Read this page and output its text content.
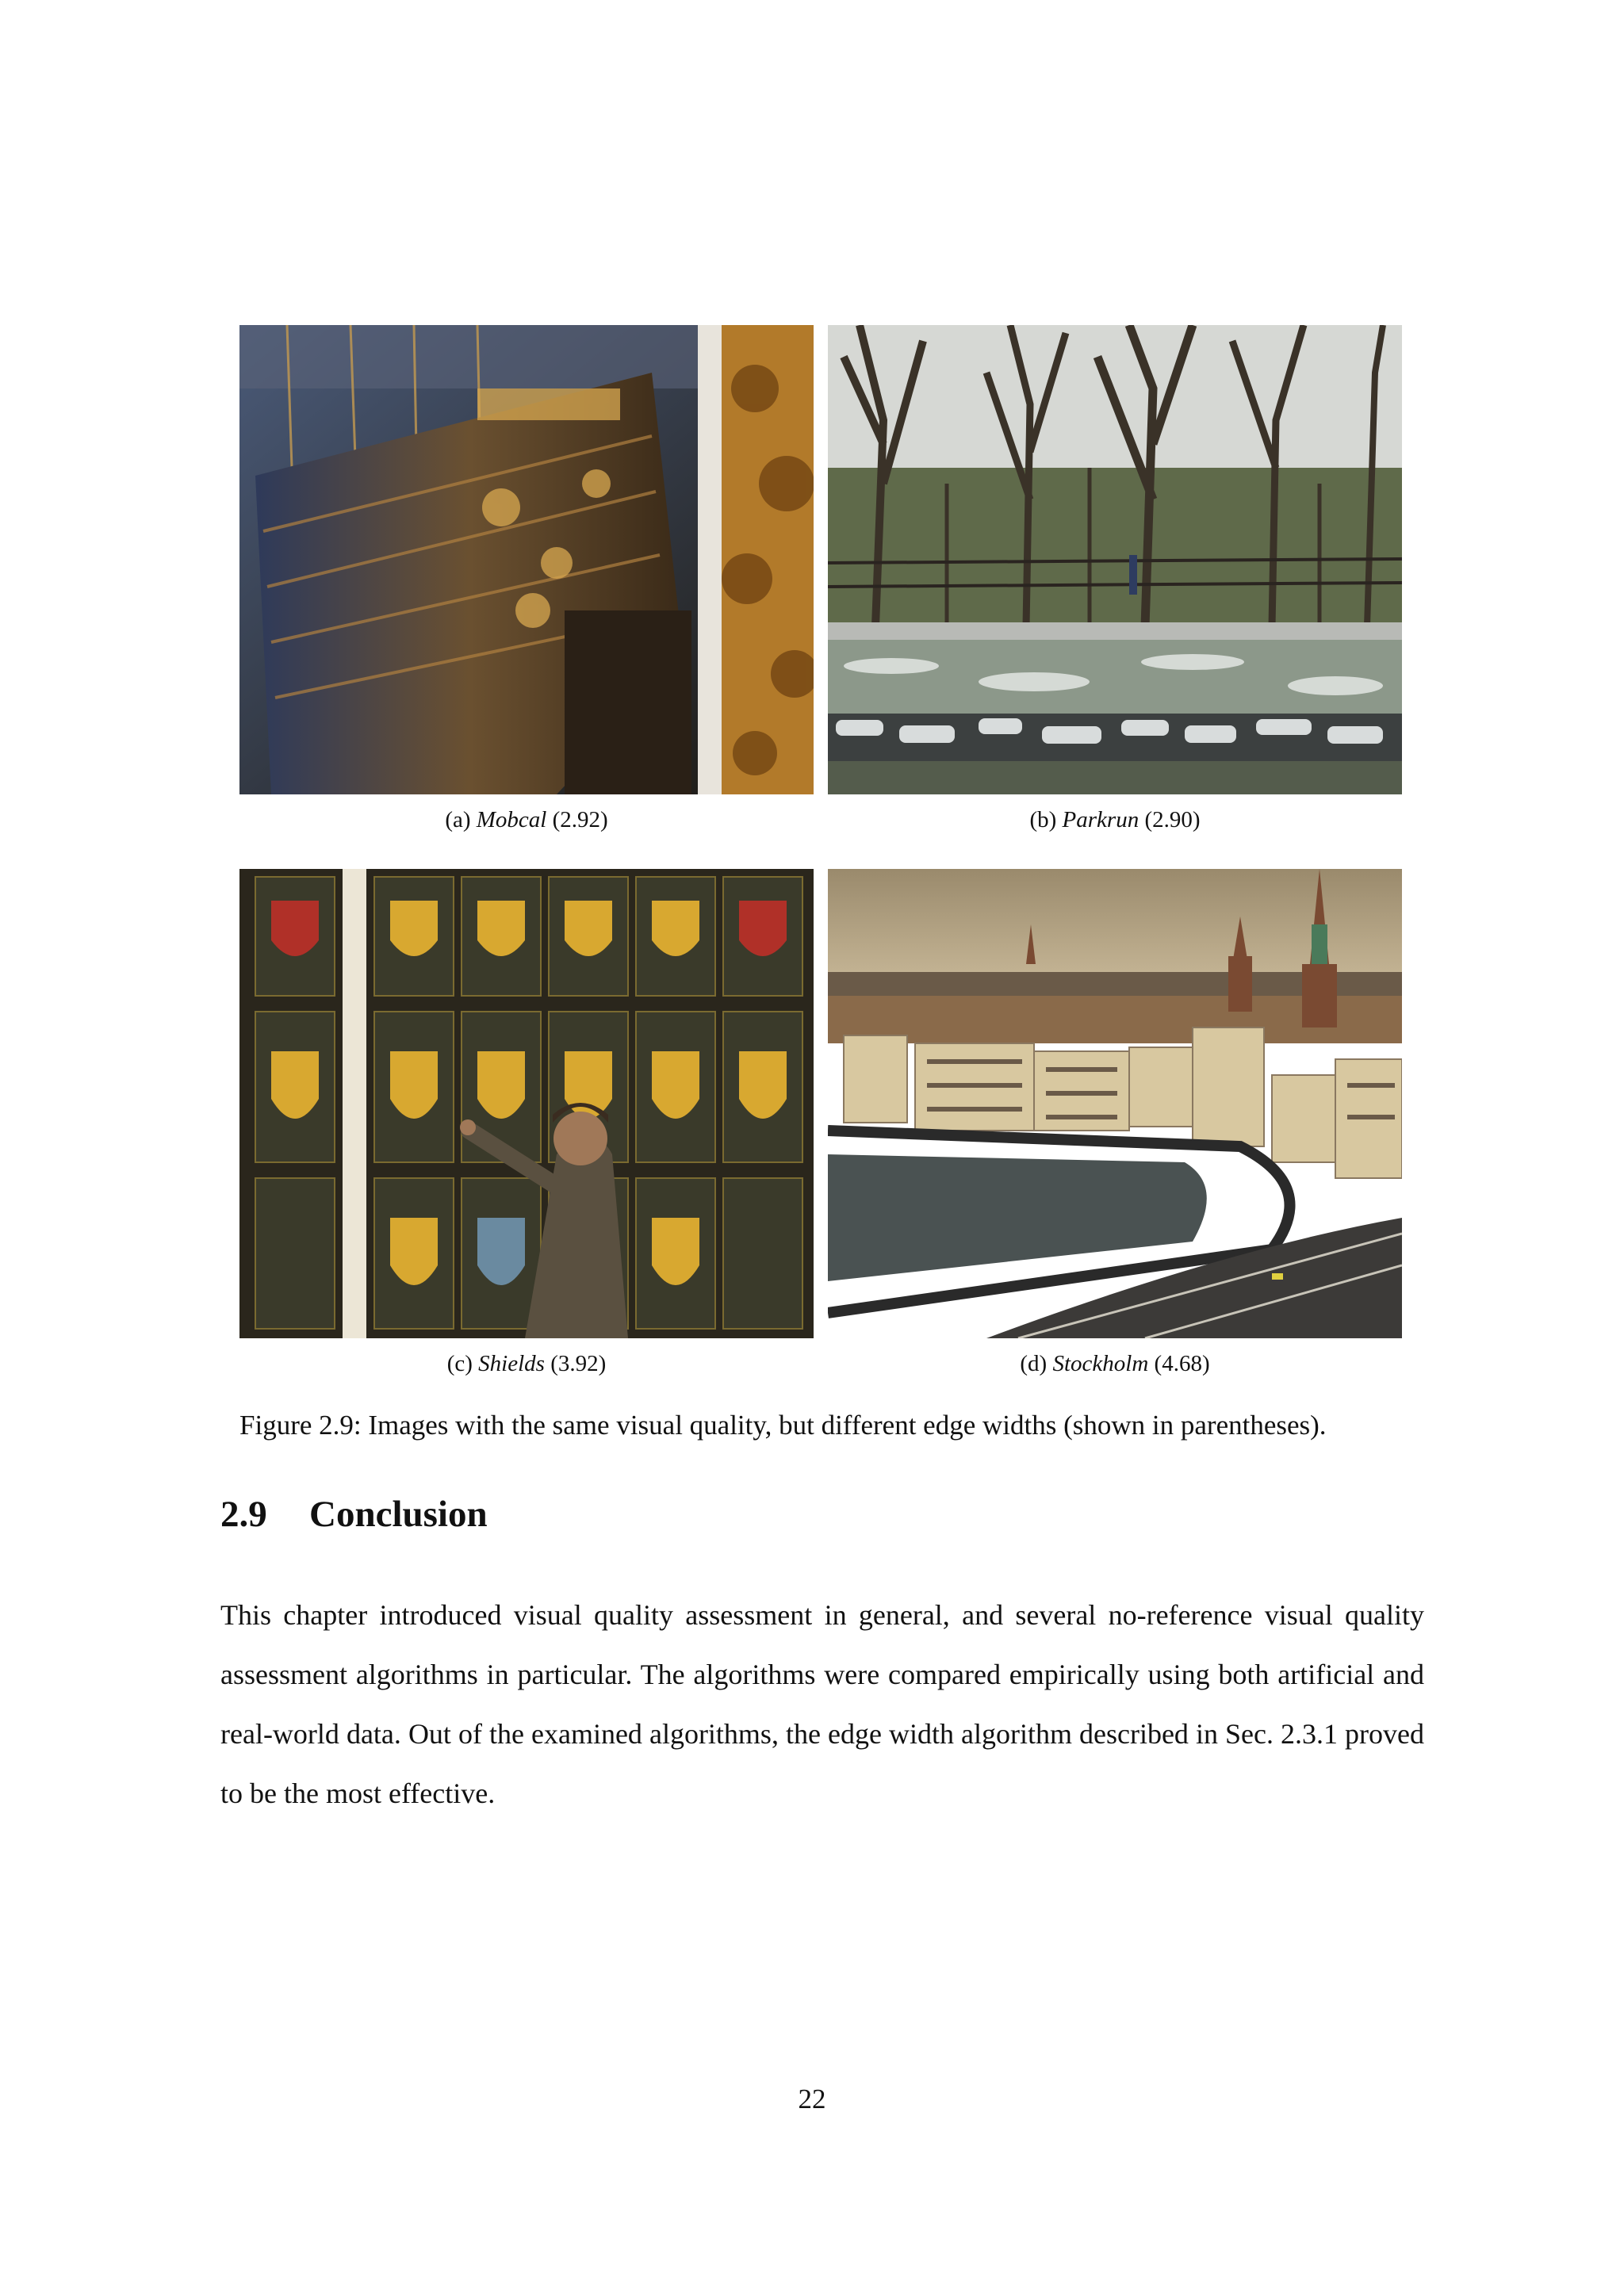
(a) Mobcal (2.92)	(b) Parkrun (2.90)
(c) Shields (3.92)	(d) Stockholm (4.68)
Figure 2.9: Images with the same visual quality, but different edge widths (shown in parentheses).
2.9 Conclusion
This chapter introduced visual quality assessment in general, and several no-reference visual quality assessment algorithms in particular. The algorithms were compared empirically using both artificial and real-world data. Out of the examined algorithms, the edge width algorithm described in Sec. 2.3.1 proved to be the most effective.
22
